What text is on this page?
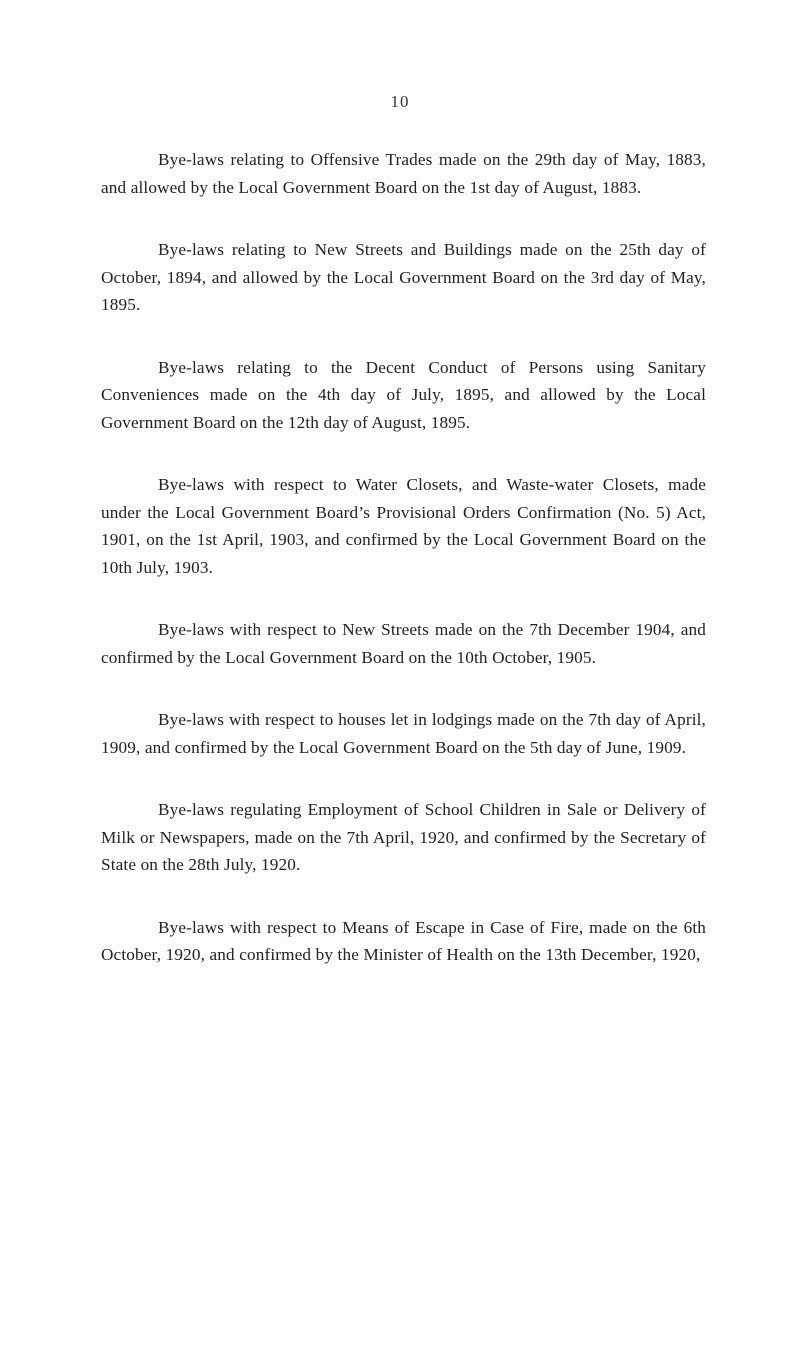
10

Bye-laws relating to Offensive Trades made on the 29th day of May, 1883, and allowed by the Local Government Board on the 1st day of August, 1883.

Bye-laws relating to New Streets and Buildings made on the 25th day of October, 1894, and allowed by the Local Government Board on the 3rd day of May, 1895.

Bye-laws relating to the Decent Conduct of Persons using Sanitary Conveniences made on the 4th day of July, 1895, and allowed by the Local Government Board on the 12th day of August, 1895.

Bye-laws with respect to Water Closets, and Waste-water Closets, made under the Local Government Board’s Provisional Orders Confirmation (No. 5) Act, 1901, on the 1st April, 1903, and confirmed by the Local Government Board on the 10th July, 1903.

Bye-laws with respect to New Streets made on the 7th December 1904, and confirmed by the Local Government Board on the 10th October, 1905.

Bye-laws with respect to houses let in lodgings made on the 7th day of April, 1909, and confirmed by the Local Government Board on the 5th day of June, 1909.

Bye-laws regulating Employment of School Children in Sale or Delivery of Milk or Newspapers, made on the 7th April, 1920, and confirmed by the Secretary of State on the 28th July, 1920.

Bye-laws with respect to Means of Escape in Case of Fire, made on the 6th October, 1920, and confirmed by the Minister of Health on the 13th December, 1920,
